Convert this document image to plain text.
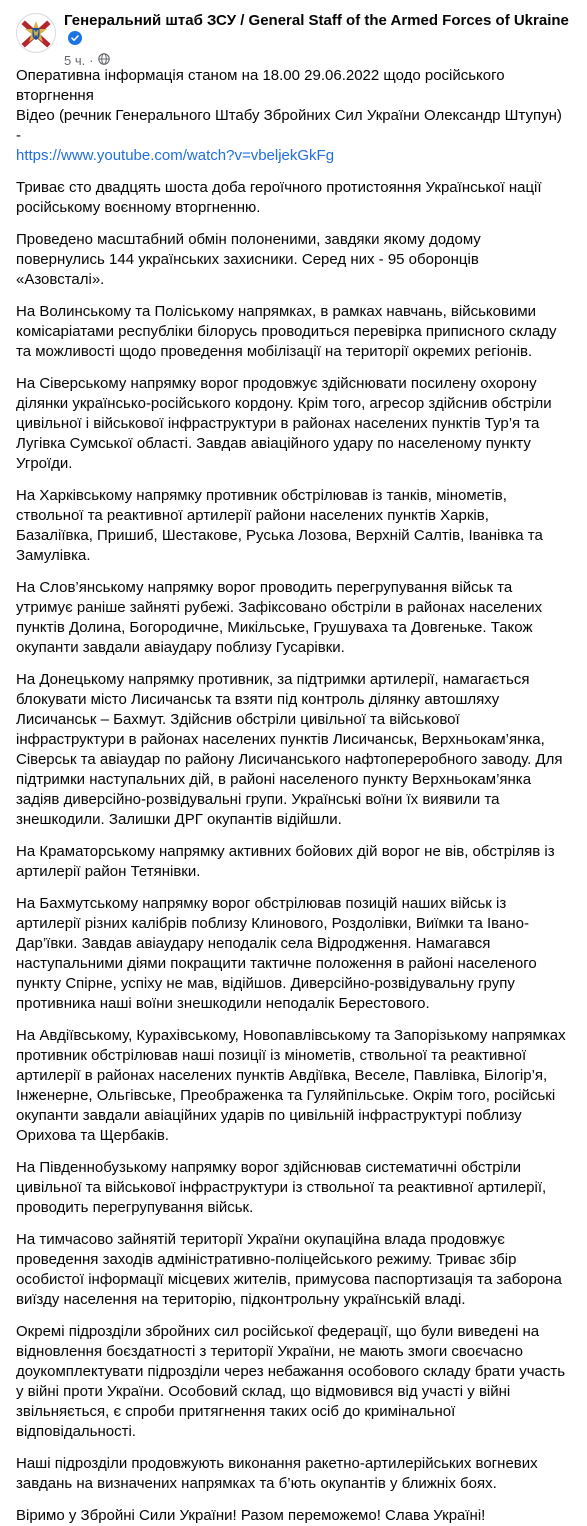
Генеральний штаб ЗСУ / General Staff of the Armed Forces of Ukraine
5 ч. ·
Оперативна інформація станом на 18.00 29.06.2022 щодо російського вторгнення
Відео (речник Генерального Штабу Збройних Сил України Олександр Штупун) -
https://www.youtube.com/watch?v=vbeljekGkFg

Триває сто двадцять шоста доба героїчного протистояння Української нації російському воєнному вторгненню.

Проведено масштабний обмін полоненими, завдяки якому додому повернулись 144 українських захисники. Серед них - 95 оборонців «Азовсталі».

На Волинському та Поліському напрямках, в рамках навчань, військовими комісаріатами республіки білорусь проводиться перевірка приписного складу та можливості щодо проведення мобілізації на території окремих регіонів.

На Сіверському напрямку ворог продовжує здійснювати посилену охорону ділянки українсько-російського кордону. Крім того, агресор здійснив обстріли цивільної і військової інфраструктури в районах населених пунктів Тур’я та Лугівка Сумської області. Завдав авіаційного удару по населеному пункту Угроїди.

На Харківському напрямку противник обстрілював із танків, мінометів, ствольної та реактивної артилерії райони населених пунктів Харків, Базаліївка, Пришиб, Шестакове, Руська Лозова, Верхній Салтів, Іванівка та Замулівка.

На Слов’янському напрямку ворог проводить перегрупування військ та утримує раніше зайняті рубежі. Зафіксовано обстріли в районах населених пунктів Долина, Богородичне, Микільське, Грушуваха та Довгеньке. Також окупанти завдали авіаудару поблизу Гусарівки.

На Донецькому напрямку противник, за підтримки артилерії, намагається блокувати місто Лисичанськ та взяти під контроль ділянку автошляху Лисичанськ – Бахмут. Здійснив обстріли цивільної та військової інфраструктури в районах населених пунктів Лисичанськ, Верхньокам’янка, Сіверськ та авіаудар по району Лисичанського нафтопереробного заводу. Для підтримки наступальних дій, в районі населеного пункту Верхньокам’янка задіяв диверсійно-розвідувальні групи. Українські воїни їх виявили та знешкодили. Залишки ДРГ окупантів відійшли.

На Краматорському напрямку активних бойових дій ворог не вів, обстріляв із артилерії район Тетянівки.

На Бахмутському напрямку ворог обстрілював позицій наших військ із артилерії різних калібрів поблизу Клинового, Роздолівки, Виїмки та Івано-Дар’ївки. Завдав авіаудару неподалік села Відродження. Намагався наступальними діями покращити тактичне положення в районі населеного пункту Спірне, успіху не мав, відійшов. Диверсійно-розвідувальну групу противника наші воїни знешкодили неподалік Берестового.

На Авдіївському, Курахівському, Новопавлівському та Запорізькому напрямках противник обстрілював наші позиції із мінометів, ствольної та реактивної артилерії в районах населених пунктів Авдіївка, Веселе, Павлівка, Білогір’я, Інженерне, Ольгівське, Преображенка та Гуляйпільське. Окрім того, російські окупанти завдали авіаційних ударів по цивільній інфраструктурі поблизу Орихова та Щербаків.

На Південнобузькому напрямку ворог здійснював систематичні обстріли цивільної та військової інфраструктури із ствольної та реактивної артилерії, проводить перегрупування військ.

На тимчасово зайнятій території України окупаційна влада продовжує проведення заходів адміністративно-поліцейського режиму. Триває збір особистої інформації місцевих жителів, примусова паспортизація та заборона виїзду населення на територію, підконтрольну українській владі.

Окремі підрозділи збройних сил російської федерації, що були виведені на відновлення боєздатності з території України, не мають змоги своєчасно доукомплектувати підрозділи через небажання особового складу брати участь у війні проти України. Особовий склад, що відмовився від участі у війні звільняється, є спроби притягнення таких осіб до кримінальної відповідальності.

Наші підрозділи продовжують виконання ракетно-артилерійських вогневих завдань на визначених напрямках та б’ють окупантів у ближніх боях.

Віримо у Збройні Сили України! Разом переможемо! Слава Україні!
